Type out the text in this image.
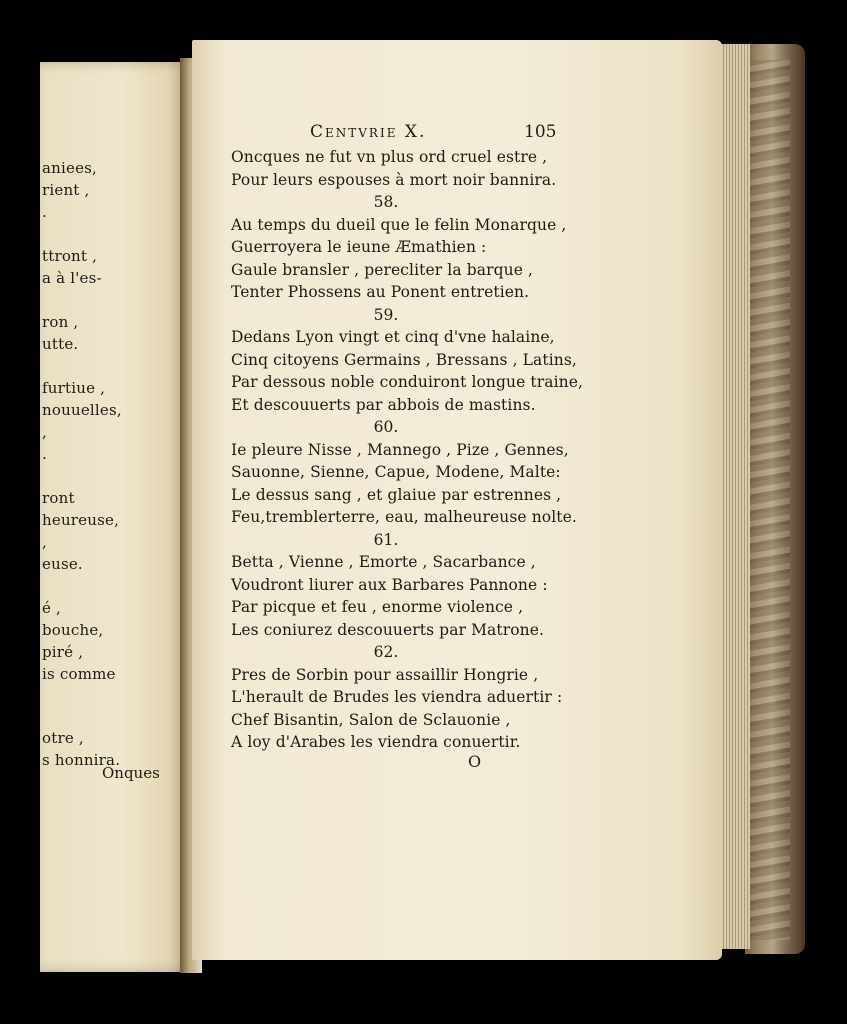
Onques
aniees,
rient ,
.
ttront ,
a à l'es-
ron ,
utte.
furtiue ,
nouuelles,
,
.
ront
heureuse,
,
euse.
é ,
bouche,
piré ,
is comme
otre ,
s honnira.
Centvrie X.	105
Oncques ne fut vn plus ord cruel estre ,
Pour leurs espouses à mort noir bannira.
58.
Au temps du dueil que le felin Monarque ,
Guerroyera le ieune Æmathien :
Gaule bransler , perecliter la barque ,
Tenter Phossens au Ponent entretien.
59.
Dedans Lyon vingt et cinq d'vne halaine,
Cinq citoyens Germains , Bressans , Latins,
Par dessous noble conduiront longue traine,
Et descouuerts par abbois de mastins.
60.
Ie pleure Nisse , Mannego , Pize , Gennes,
Sauonne, Sienne, Capue, Modene, Malte:
Le dessus sang , et glaiue par estrennes ,
Feu,tremblerterre, eau, malheureuse nolte.
61.
Betta , Vienne , Emorte , Sacarbance ,
Voudront liurer aux Barbares Pannone :
Par picque et feu , enorme violence ,
Les coniurez descouuerts par Matrone.
62.
Pres de Sorbin pour assaillir Hongrie ,
L'herault de Brudes les viendra aduertir :
Chef Bisantin, Salon de Sclauonie ,
A loy d'Arabes les viendra conuertir.
O
